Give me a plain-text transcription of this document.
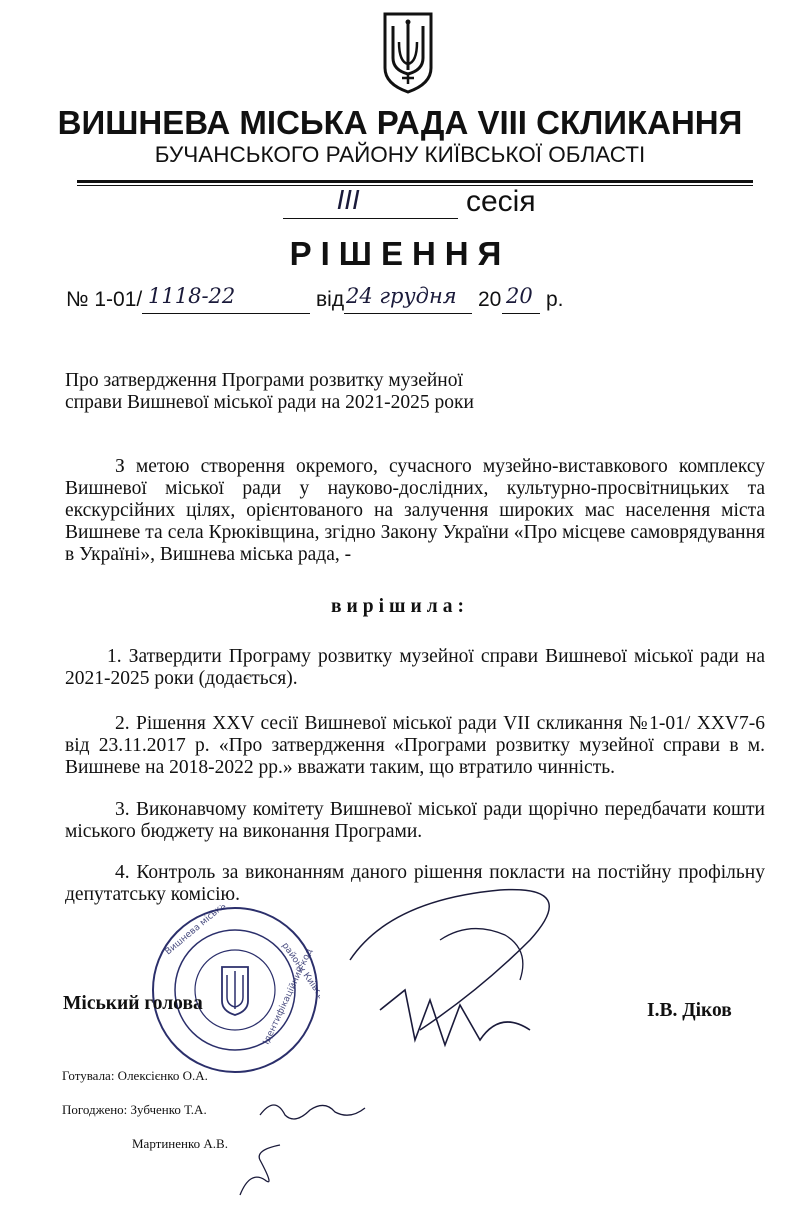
ВИШНЕВА МІСЬКА РАДА VIII СКЛИКАННЯ
БУЧАНСЬКОГО РАЙОНУ КИЇВСЬКОЇ ОБЛАСТІ
III	сесія
РІШЕННЯ
№ 1-01/ 1118-22	від 24 грудня 20 20 р.
Про затвердження Програми розвитку музейної
справи Вишневої міської ради на 2021-2025 роки
З метою створення окремого, сучасного музейно-виставкового комплексу Вишневої міської ради у науково-дослідних, культурно-просвітницьких та екскурсійних цілях, орієнтованого на залучення широких мас населення міста Вишневе та села Крюківщина, згідно Закону України «Про місцеве самоврядування в Україні», Вишнева міська рада, -
вирішила:
1. Затвердити Програму розвитку музейної справи Вишневої міської ради на 2021-2025 роки (додається).
2. Рішення XXV сесії Вишневої міської ради VII скликання №1-01/ XXV7-6 від 23.11.2017 р. «Про затвердження «Програми розвитку музейної справи в м. Вишневе на 2018-2022 рр.» вважати таким, що втратило чинність.
3. Виконавчому комітету Вишневої міської ради щорічно передбачати кошти міського бюджету на виконання Програми.
4. Контроль за виконанням даного рішення покласти на постійну профільну депутатську комісію.
району Київської
Ідентифікаційний код
Міський голова	І.В. Діков
Готувала: Олексієнко О.А.
Погоджено: Зубченко Т.А.
Мартиненко А.В.
